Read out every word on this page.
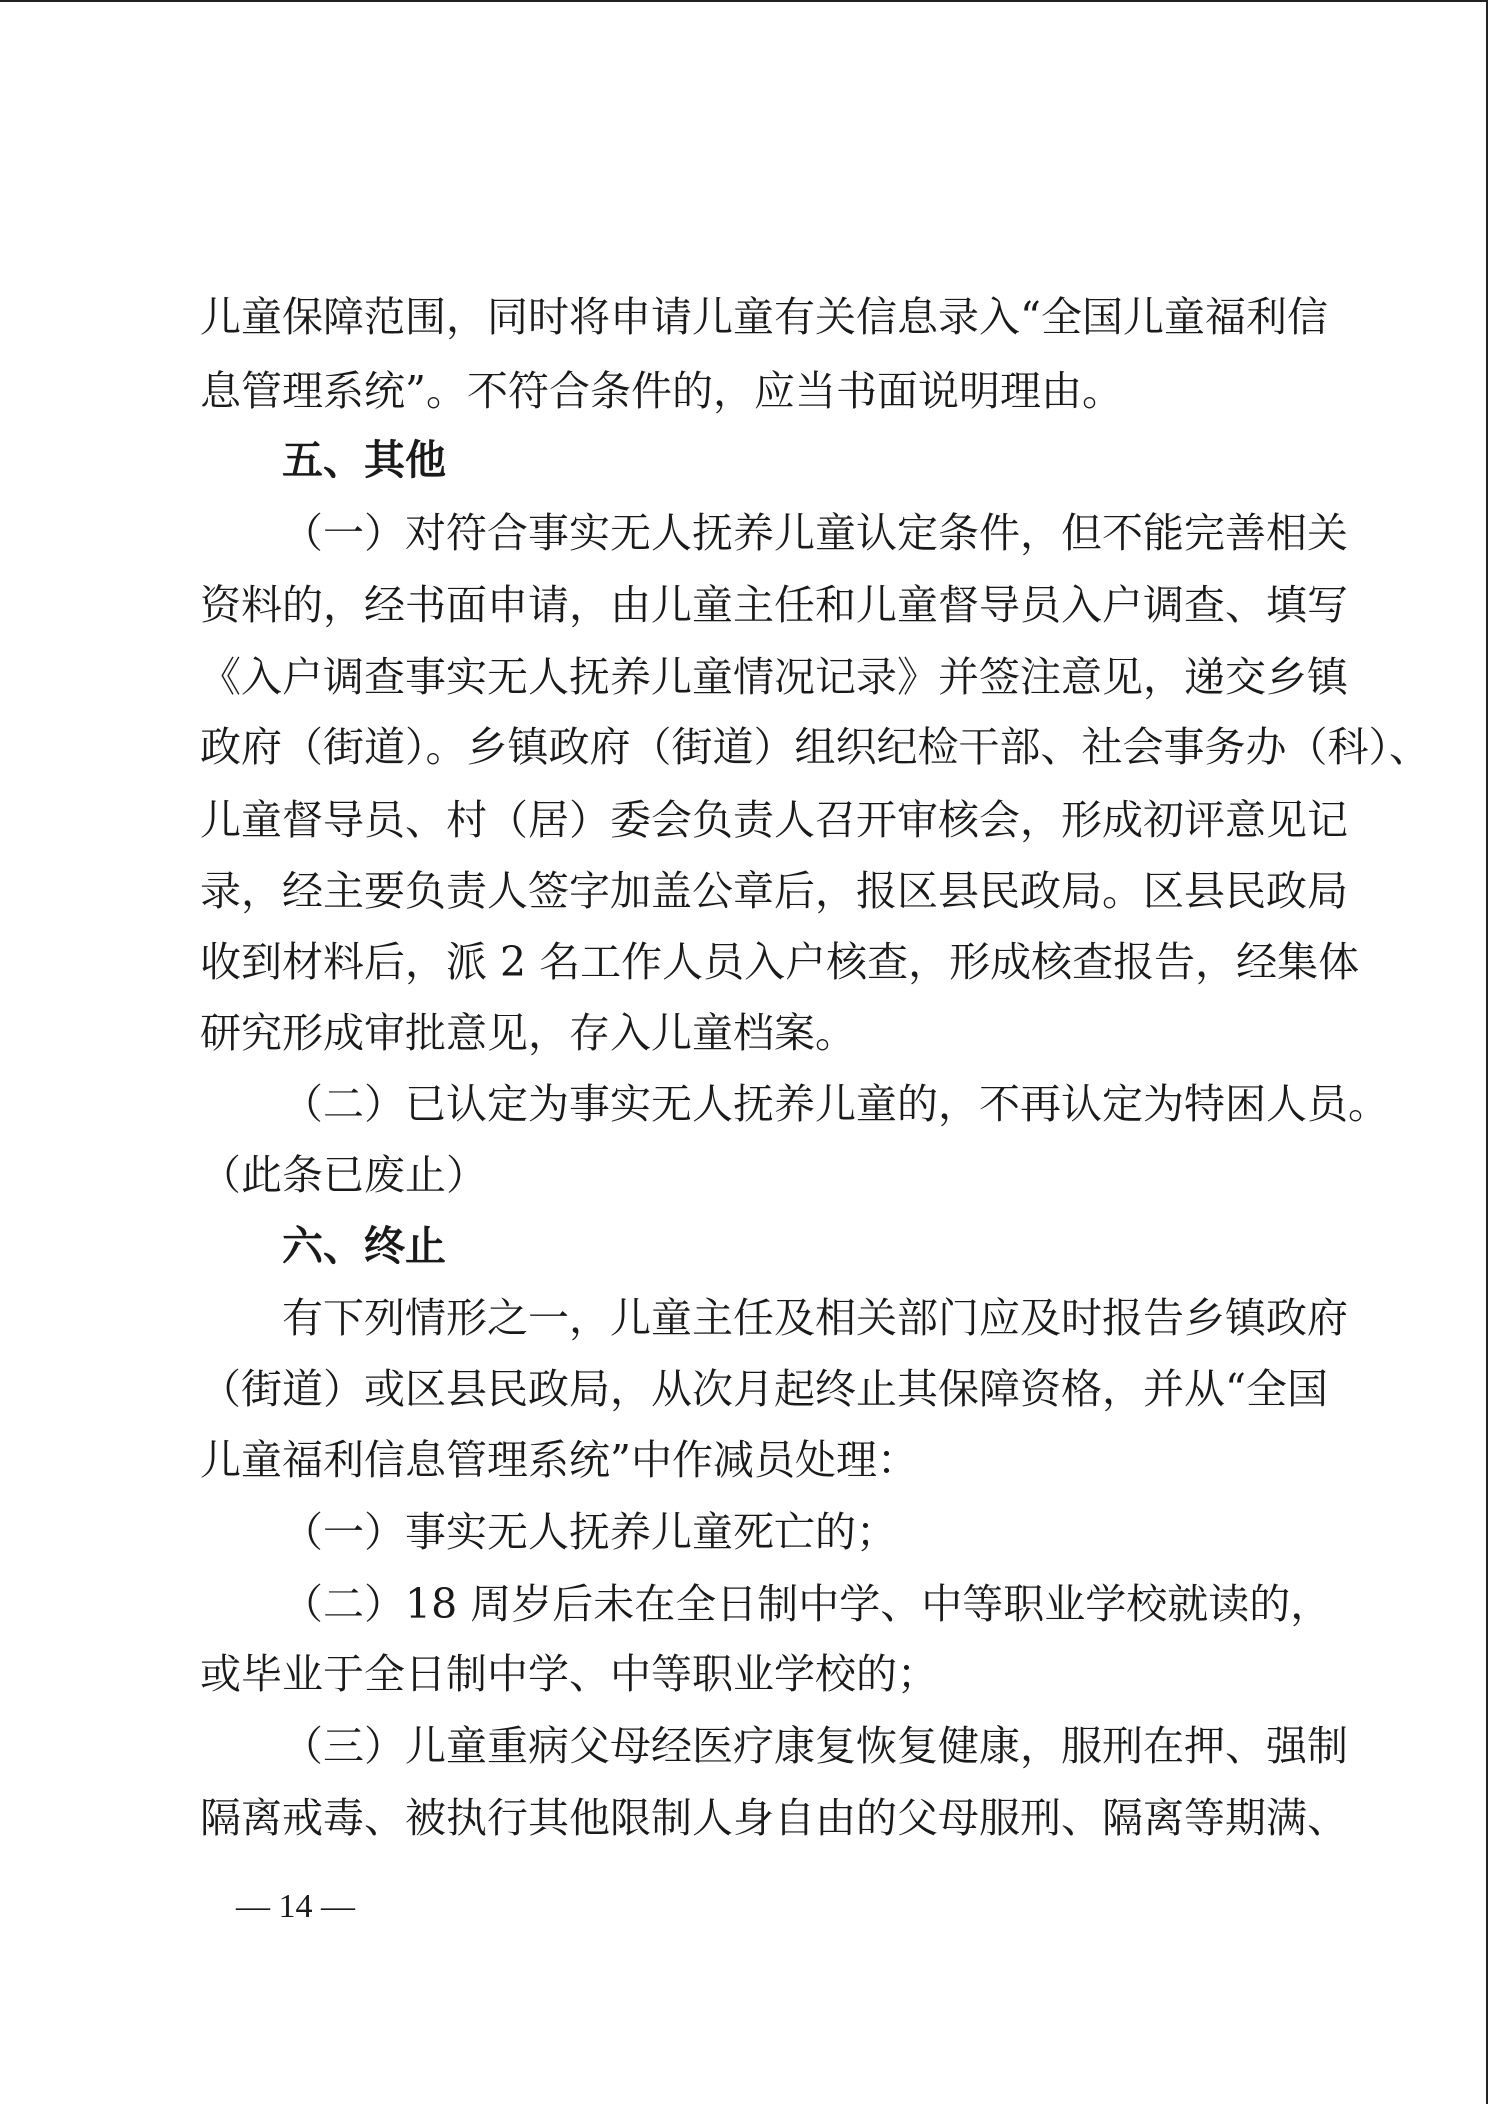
儿童保障范围，同时将申请儿童有关信息录入“全国儿童福利信
息管理系统”。不符合条件的，应当书面说明理由。
五、其他
（一）对符合事实无人抚养儿童认定条件，但不能完善相关
资料的，经书面申请，由儿童主任和儿童督导员入户调查、填写
《入户调查事实无人抚养儿童情况记录》并签注意见，递交乡镇
政府（街道）。乡镇政府（街道）组织纪检干部、社会事务办（科）、
儿童督导员、村（居）委会负责人召开审核会，形成初评意见记
录，经主要负责人签字加盖公章后，报区县民政局。区县民政局
收到材料后，派 2 名工作人员入户核查，形成核查报告，经集体
研究形成审批意见，存入儿童档案。
（二）已认定为事实无人抚养儿童的，不再认定为特困人员。
（此条已废止）
六、终止
有下列情形之一，儿童主任及相关部门应及时报告乡镇政府
（街道）或区县民政局，从次月起终止其保障资格，并从“全国
儿童福利信息管理系统”中作减员处理：
（一）事实无人抚养儿童死亡的；
（二）18 周岁后未在全日制中学、中等职业学校就读的，
或毕业于全日制中学、中等职业学校的；
（三）儿童重病父母经医疗康复恢复健康，服刑在押、强制
隔离戒毒、被执行其他限制人身自由的父母服刑、隔离等期满、
— 14 —
